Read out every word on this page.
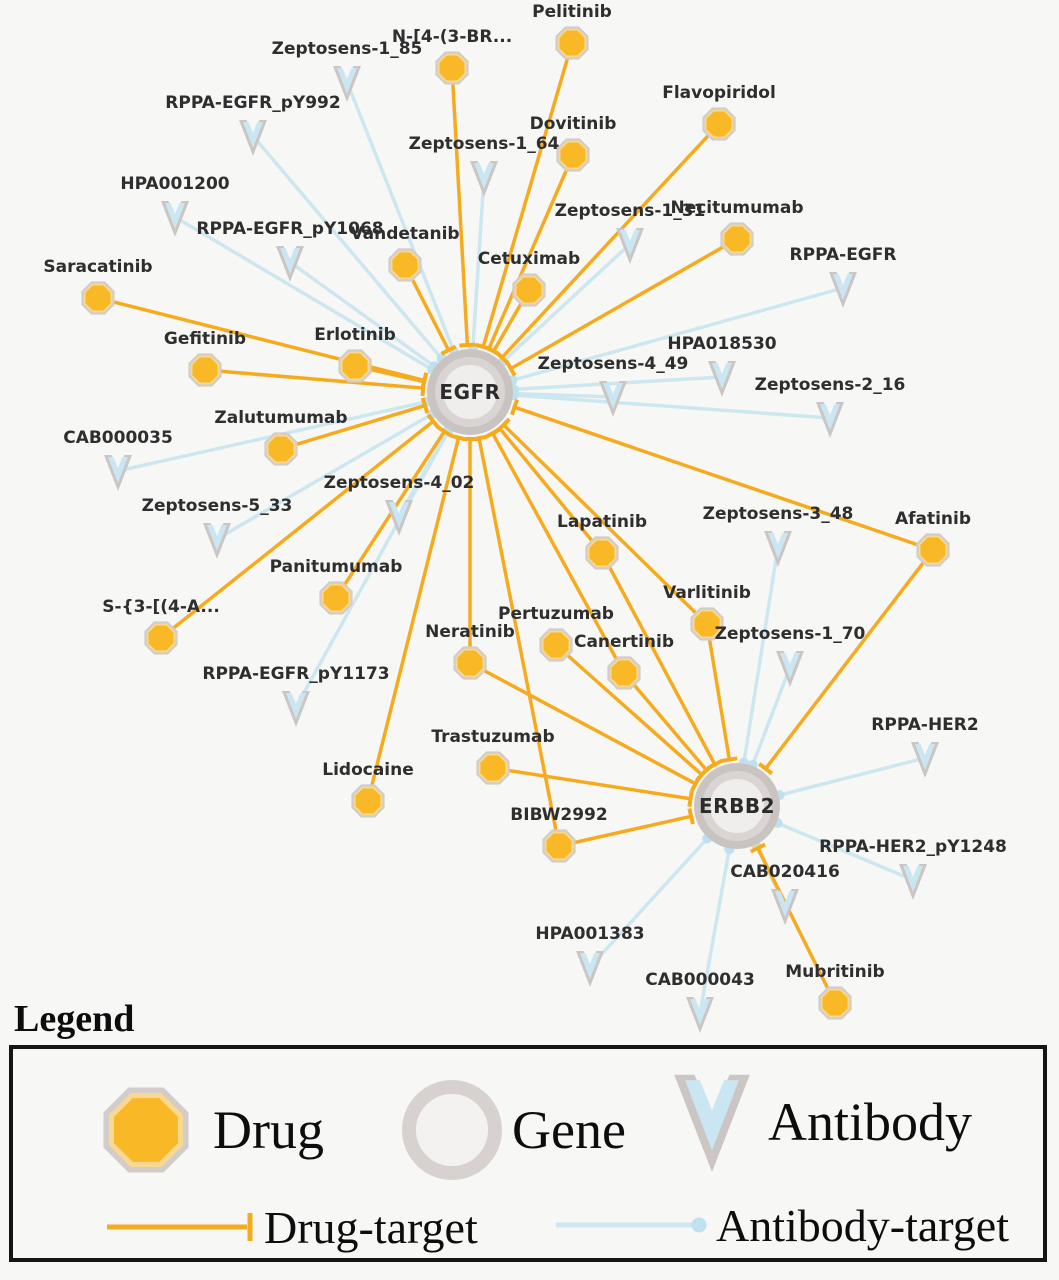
EGFR
ERBB2
Pelitinib
N-[4-(3-BR...
Dovitinib
Flavopiridol
Vandetanib
Cetuximab
Necitumumab
Saracatinib
Gefitinib	Erlotinib
Zalutumumab
Panitumumab
S-{3-[(4-A...
Lapatinib
Varlitinib
Afatinib
Pertuzumab
Neratinib	Canertinib
Trastuzumab
Lidocaine
BIBW2992
Mubritinib
Zeptosens-1_85
RPPA-EGFR_pY992
HPA001200
RPPA-EGFR_pY1068
Zeptosens-1_64
Zeptosens-1_31
RPPA-EGFR
HPA018530
Zeptosens-4_49
Zeptosens-2_16
CAB000035
Zeptosens-5_33
Zeptosens-4_02
Zeptosens-3_48
Zeptosens-1_70
RPPA-EGFR_pY1173
RPPA-HER2
RPPA-HER2_pY1248
CAB020416
HPA001383
CAB000043
Legend
Drug	Gene	Antibody
Drug-target	Antibody-target
